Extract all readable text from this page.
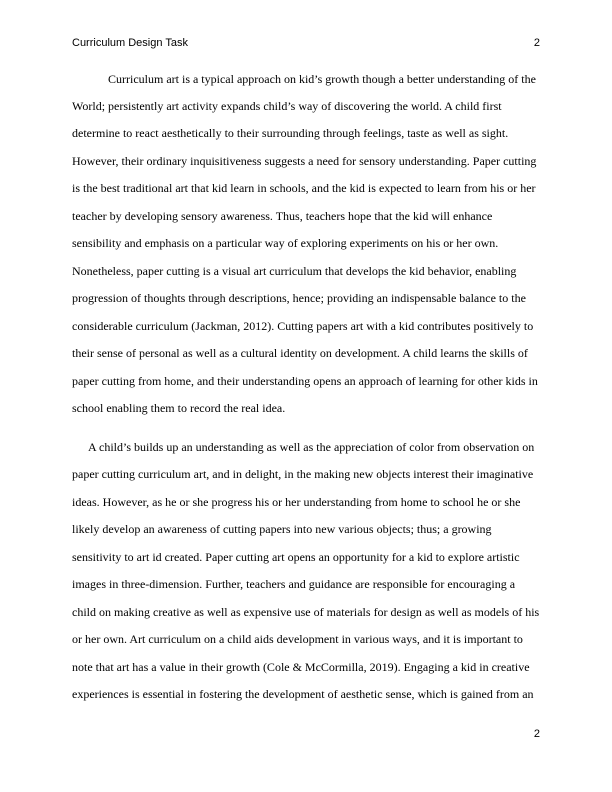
Curriculum Design Task	2
Curriculum art is a typical approach on kid’s growth though a better understanding of the
World; persistently art activity expands child’s way of discovering the world. A child first
determine to react aesthetically to their surrounding through feelings, taste as well as sight.
However, their ordinary inquisitiveness suggests a need for sensory understanding. Paper cutting
is the best traditional art that kid learn in schools, and the kid is expected to learn from his or her
teacher by developing sensory awareness. Thus, teachers hope that the kid will enhance
sensibility and emphasis on a particular way of exploring experiments on his or her own.
Nonetheless, paper cutting is a visual art curriculum that develops the kid behavior, enabling
progression of thoughts through descriptions, hence; providing an indispensable balance to the
considerable curriculum (Jackman, 2012). Cutting papers art with a kid contributes positively to
their sense of personal as well as a cultural identity on development. A child learns the skills of
paper cutting from home, and their understanding opens an approach of learning for other kids in
school enabling them to record the real idea.
A child’s builds up an understanding as well as the appreciation of color from observation on
paper cutting curriculum art, and in delight, in the making new objects interest their imaginative
ideas. However, as he or she progress his or her understanding from home to school he or she
likely develop an awareness of cutting papers into new various objects; thus; a growing
sensitivity to art id created. Paper cutting art opens an opportunity for a kid to explore artistic
images in three-dimension. Further, teachers and guidance are responsible for encouraging a
child on making creative as well as expensive use of materials for design as well as models of his
or her own. Art curriculum on a child aids development in various ways, and it is important to
note that art has a value in their growth (Cole & McCormilla, 2019). Engaging a kid in creative
experiences is essential in fostering the development of aesthetic sense, which is gained from an
2
